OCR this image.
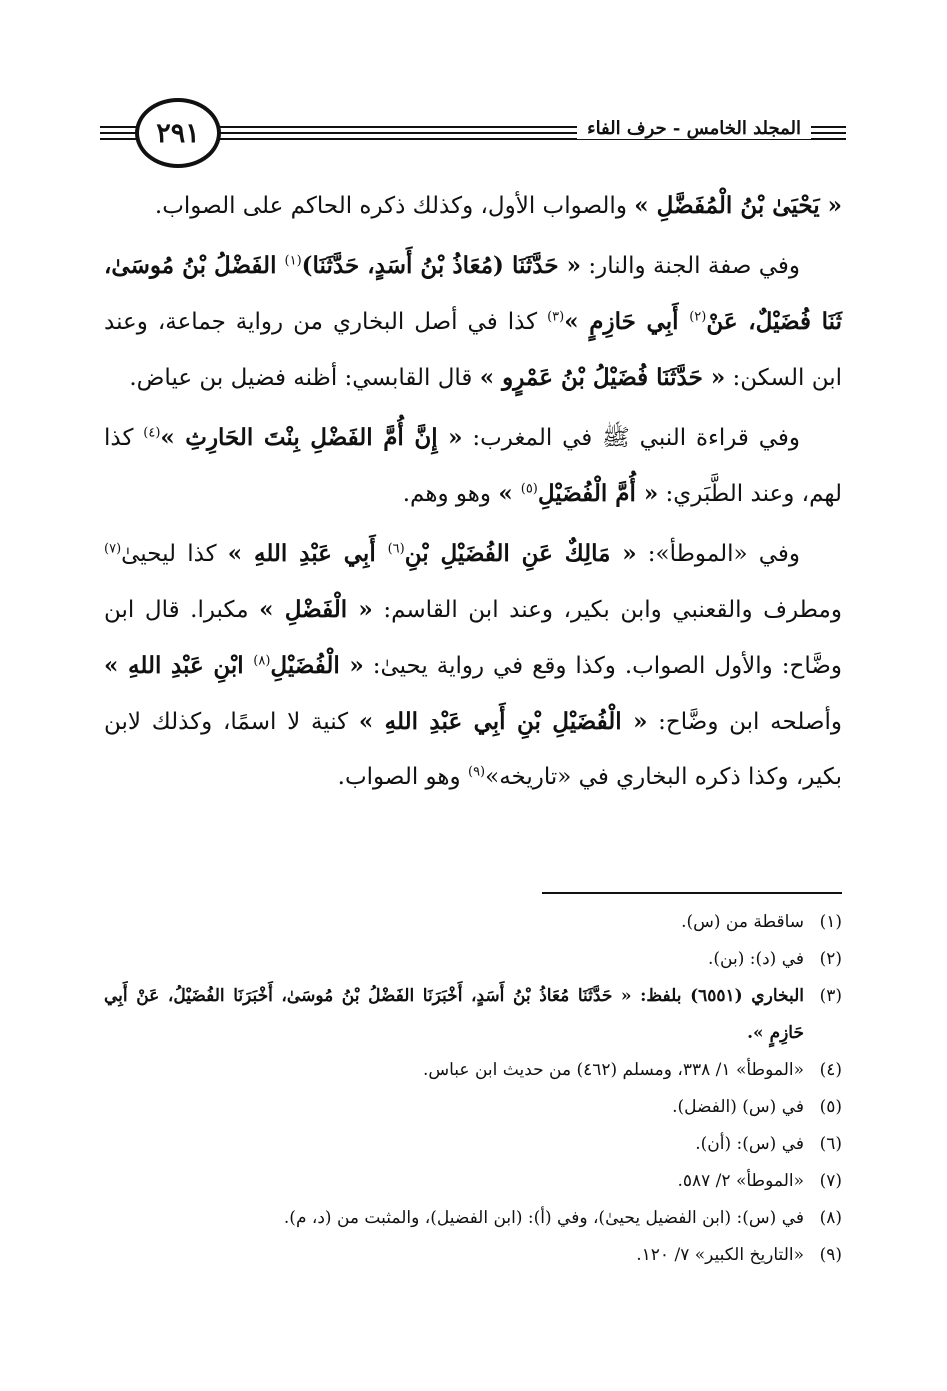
٢٩١	المجلد الخامس - حرف الفاء

« يَحْيَىٰ بْنُ الْمُفَضَّلِ » والصواب الأول، وكذلك ذكره الحاكم على الصواب.

وفي صفة الجنة والنار: « حَدَّثَنَا (مُعَاذُ بْنُ أَسَدٍ، حَدَّثَنَا)$^{(١)}$ الفَضْلُ بْنُ مُوسَىٰ، ثَنَا فُضَيْلٌ، عَنْ$^{(٢)}$ أَبِي حَازِمٍ »$^{(٣)}$ كذا في أصل البخاري من رواية جماعة، وعند ابن السكن: « حَدَّثَنَا فُضَيْلُ بْنُ عَمْرٍو » قال القابسي: أظنه فضيل بن عياض.

وفي قراءة النبي ﷺ في المغرب: « إِنَّ أُمَّ الفَضْلِ بِنْتَ الحَارِثِ »$^{(٤)}$ كذا لهم، وعند الطَّبَري: « أُمَّ الْفُضَيْلِ$^{(٥)}$ » وهو وهم.

وفي «الموطأ»: « مَالِكٌ عَنِ الفُضَيْلِ بْنِ$^{(٦)}$ أَبِي عَبْدِ اللهِ » كذا ليحيىٰ$^{(٧)}$ ومطرف والقعنبي وابن بكير، وعند ابن القاسم: « الْفَضْلِ » مكبرا. قال ابن وضَّاح: والأول الصواب. وكذا وقع في رواية يحيىٰ: « الْفُضَيْلِ$^{(٨)}$ ابْنِ عَبْدِ اللهِ » وأصلحه ابن وضَّاح: « الْفُضَيْلِ بْنِ أَبِي عَبْدِ اللهِ » كنية لا اسمًا، وكذلك لابن بكير، وكذا ذكره البخاري في «تاريخه»$^{(٩)}$ وهو الصواب.

(١)
ساقطة من (س).
(٢)
في (د): (بن).
(٣)
البخاري (٦٥٥١) بلفظ: « حَدَّثَنَا مُعَاذُ بْنُ أَسَدٍ، أَخْبَرَنَا الفَضْلُ بْنُ مُوسَىٰ، أَخْبَرَنَا الفُضَيْلُ، عَنْ أَبِي حَازِمٍ ».
(٤)
«الموطأ» ١/ ٣٣٨، ومسلم (٤٦٢) من حديث ابن عباس.
(٥)
في (س) (الفضل).
(٦)
في (س): (أن).
(٧)
«الموطأ» ٢/ ٥٨٧.
(٨)
في (س): (ابن الفضيل يحيىٰ)، وفي (أ): (ابن الفضيل)، والمثبت من (د، م).
(٩)
«التاريخ الكبير» ٧/ ١٢٠.
